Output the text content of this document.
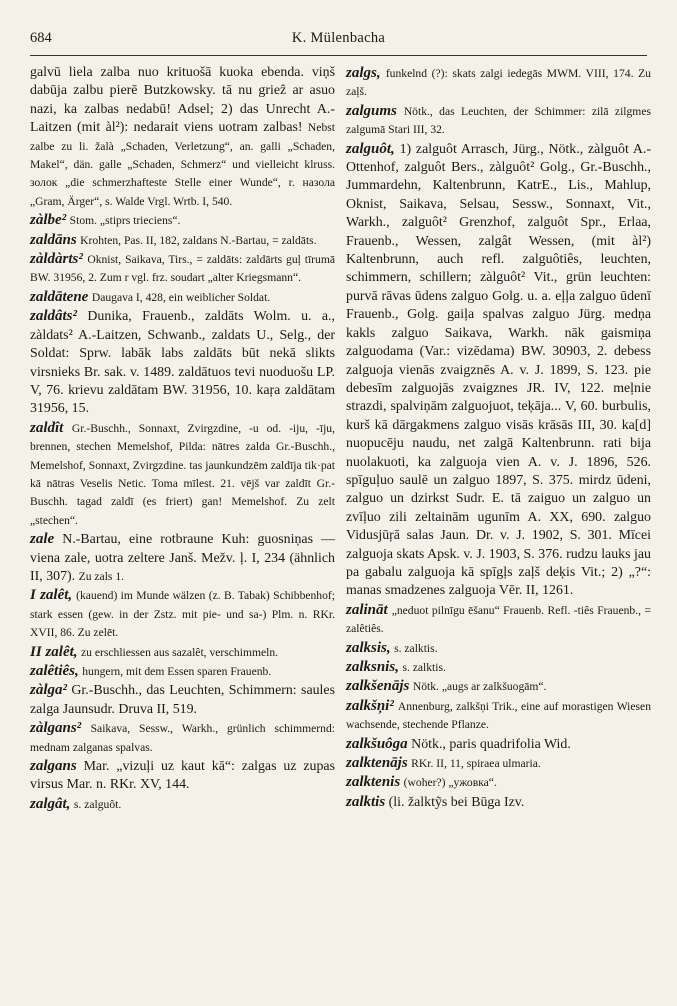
684	K. Mülenbacha

galvū liela zalba nuo krituošā kuoka ebenda. viņš dabūja zalbu pierē Butzkowsky. tā nu grieẑ ar asuo nazi, ka zalbas nedabū! Adsel; 2) das Unrecht A.-Laitzen (mit àl²): nedarait viens uotram zalbas! Nebst zalbe zu li. žalà „Schaden, Verletzung“, an. galli „Schaden, Makel“, dän. galle „Schaden, Schmerz“ und vielleicht klruss. золок „die schmerzhafteste Stelle einer Wunde“, r. назола „Gram, Ärger“, s. Walde Vrgl. Wrtb. I, 540.

zàlbe² Stom. „stiprs trieciens“.

zaldāns Krohten, Pas. II, 182, zaldans N.-Bartau, = zaldāts.

zàldàrts² Oknist, Saikava, Tirs., = zaldāts: zaldārts guļ tīrumā BW. 31956, 2. Zum r vgl. frz. soudart „alter Kriegsmann“.

zaldātene Daugava I, 428, ein weiblicher Soldat.

zaldâts² Dunika, Frauenb., zaldāts Wolm. u. a., zàldats² A.-Laitzen, Schwanb., zaldats U., Selg., der Soldat: Sprw. labāk labs zaldāts būt nekā slikts virsnieks Br. sak. v. 1489. zaldātuos tevi nuoduošu LP. V, 76. krievu zaldātam BW. 31956, 10. kaŗa zaldātam 31956, 15.

zaldît Gr.-Buschh., Sonnaxt, Zvirgzdine, -u od. -iju, -īju, brennen, stechen Memelshof, Pilda: nātres zalda Gr.-Buschh., Memelshof, Sonnaxt, Zvirgzdine. tas jaunkundzēm zaldīja tik·pat kā nātras Veselis Netic. Toma mīlest. 21. vējš var zaldīt Gr.-Buschh. tagad zaldī (es friert) gan! Memelshof. Zu zelt „stechen“.

zale N.-Bartau, eine rotbraune Kuh: guosniņas — viena zale, uotra zeltere Janš. Mežv. ļ. I, 234 (ähnlich II, 307). Zu zals 1.

I zalêt, (kauend) im Munde wälzen (z. B. Tabak) Schibbenhof; stark essen (gew. in der Zstz. mit pie- und sa-) Plm. n. RKr. XVII, 86. Zu zelēt.

II zalêt, zu erschliessen aus sazalêt, verschimmeln.

zalêtiês, hungern, mit dem Essen sparen Frauenb.

zàlga² Gr.-Buschh., das Leuchten, Schimmern: saules zalga Jaunsudr. Druva II, 519.

zàlgans² Saikava, Sessw., Warkh., grünlich schimmernd: mednam zalganas spalvas.

zalgans Mar. „vizuļi uz kaut kā“: zalgas uz zupas virsus Mar. n. RKr. XV, 144.

zalgât, s. zalguôt.

zalgs, funkelnd (?): skats zalgi iedegās MWM. VIII, 174. Zu zaļš.

zalgums Nötk., das Leuchten, der Schimmer: zilā zilgmes zalgumā Stari III, 32.

zalguôt, 1) zalguôt Arrasch, Jürg., Nötk., zàlguôt A.-Ottenhof, zalguôt Bers., zàlguôt² Golg., Gr.-Buschh., Jummardehn, Kaltenbrunn, KatrE., Lis., Mahlup, Oknist, Saikava, Selsau, Sessw., Sonnaxt, Vit., Warkh., zalguôt² Grenzhof, zalguôt Spr., Erlaa, Frauenb., Wessen, zalgât Wessen, (mit àl²) Kaltenbrunn, auch refl. zalguôtiês, leuchten, schimmern, schillern; zàlguôt² Vit., grün leuchten: purvā rāvas ūdens zalguo Golg. u. a. eļļa zalguo ūdenī Frauenb., Golg. gaiļa spalvas zalguo Jürg. medņa kakls zalguo Saikava, Warkh. nāk gaismiņa zalguodama (Var.: vizēdama) BW. 30903, 2. debess zalguoja vienās zvaigznēs A. v. J. 1899, S. 123. pie debesīm zalguojās zvaigznes JR. IV, 122. meļnie strazdi, spalviņām zalguojuot, teķāja... V, 60. burbulis, kurš kā dārgakmens zalguo visās krāsās III, 30. ka[d] nuopucēju naudu, net zalgā Kaltenbrunn. rati bija nuolakuoti, ka zalguoja vien A. v. J. 1896, 526. spīguļuo saulē un zalguo 1897, S. 375. mirdz ūdeni, zalguo un dzirkst Sudr. E. tā zaiguo un zalguo un zvīļuo zili zeltainām ugunīm A. XX, 690. zalguo Vidusjūŗā salas Jaun. Dr. v. J. 1902, S. 301. Mīcei zalguoja skats Apsk. v. J. 1903, S. 376. rudzu lauks jau pa gabalu zalguoja kā spīgļs zaļš deķis Vit.; 2) „?“: manas smadzenes zalguoja Vēr. II, 1261.

zalināt „neduot pilnīgu ēšanu“ Frauenb. Refl. -tiês Frauenb., = zalêtiês.

zalksis, s. zalktis.

zalksnis, s. zalktis.

zalkšenājs Nötk. „augs ar zalkšuogām“.

zalkšņi² Annenburg, zalkšņi Trik., eine auf morastigen Wiesen wachsende, stechende Pflanze.

zalkšuôga Nötk., paris quadrifolia Wid.

zalktenājs RKr. II, 11, spiraea ulmaria.

zalktenis (woher?) „ужовка“.

zalktis (li. žalktỹs bei Būga Izv.
